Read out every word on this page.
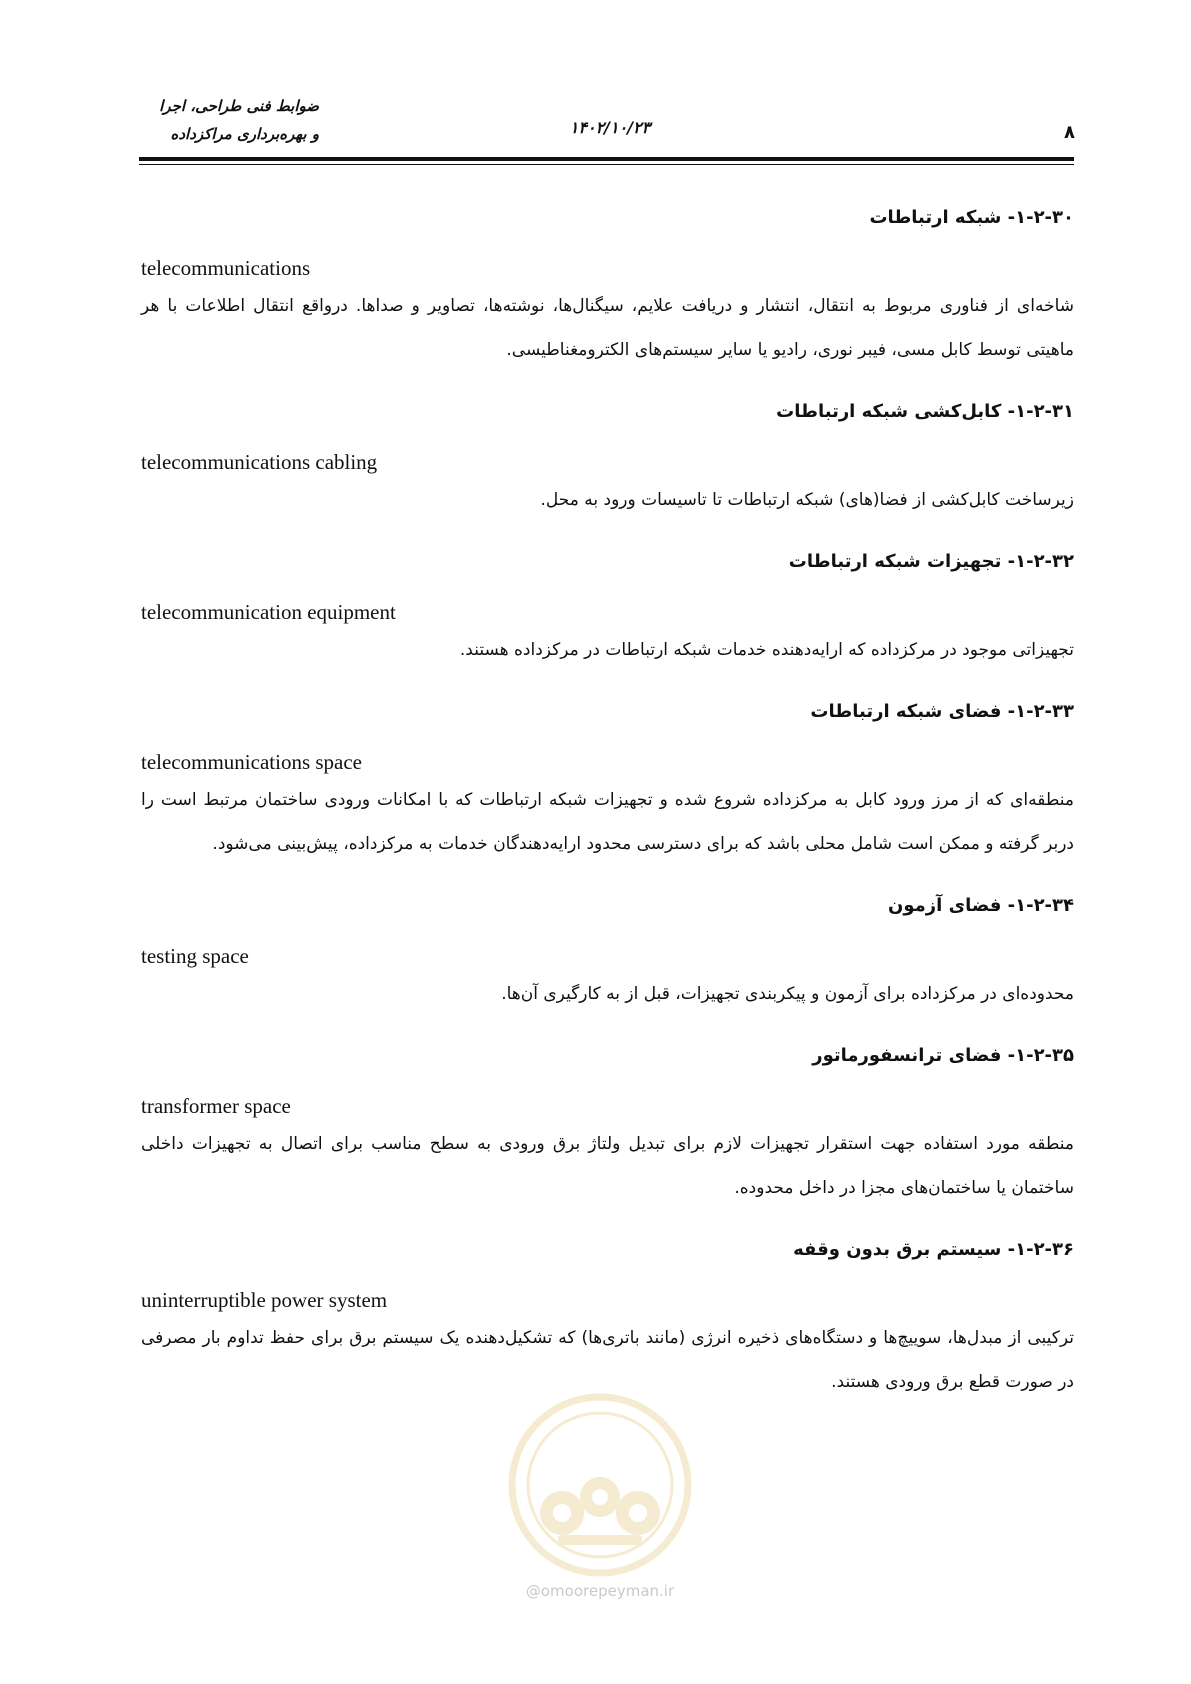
ضوابط فنی طراحی، اجرا
و بهره‌برداری مراکزداده	۱۴۰۲/۱۰/۲۳	۸

۱-۲-۳۰- شبکه ارتباطات

telecommunications

شاخه‌ای از فناوری مربوط به انتقال، انتشار و دریافت علایم، سیگنال‌ها، نوشته‌ها، تصاویر و صداها. درواقع انتقال اطلاعات با هر ماهیتی توسط کابل مسی، فیبر نوری، رادیو یا سایر سیستم‌های الکترومغناطیسی.

۱-۲-۳۱- کابل‌کشی شبکه ارتباطات

telecommunications cabling

زیرساخت کابل‌کشی از فضا(های) شبکه ارتباطات تا تاسیسات ورود به محل.

۱-۲-۳۲- تجهیزات شبکه ارتباطات

telecommunication equipment

تجهیزاتی موجود در مرکزداده که ارایه‌دهنده خدمات شبکه ارتباطات در مرکزداده هستند.

۱-۲-۳۳- فضای شبکه ارتباطات

telecommunications space

منطقه‌ای که از مرز ورود کابل به مرکزداده شروع شده و تجهیزات شبکه ارتباطات که با امکانات ورودی ساختمان مرتبط است را دربر گرفته و ممکن است شامل محلی باشد که برای دسترسی محدود ارایه‌دهندگان خدمات به مرکزداده، پیش‌بینی می‌شود.

۱-۲-۳۴- فضای آزمون

testing space

محدوده‌ای در مرکزداده برای آزمون و پیکربندی تجهیزات، قبل از به کارگیری آن‌ها.

۱-۲-۳۵- فضای ترانسفورماتور

transformer space

منطقه مورد استفاده جهت استقرار تجهیزات لازم برای تبدیل ولتاژ برق ورودی به سطح مناسب برای اتصال به تجهیزات داخلی ساختمان یا ساختمان‌های مجزا در داخل محدوده.

۱-۲-۳۶- سیستم برق بدون وقفه

uninterruptible power system

ترکیبی از مبدل‌ها، سوییچ‌ها و دستگاه‌های ذخیره انرژی (مانند باتری‌ها) که تشکیل‌دهنده یک سیستم برق برای حفظ تداوم بار مصرفی در صورت قطع برق ورودی هستند.

@omoorepeyman.ir
